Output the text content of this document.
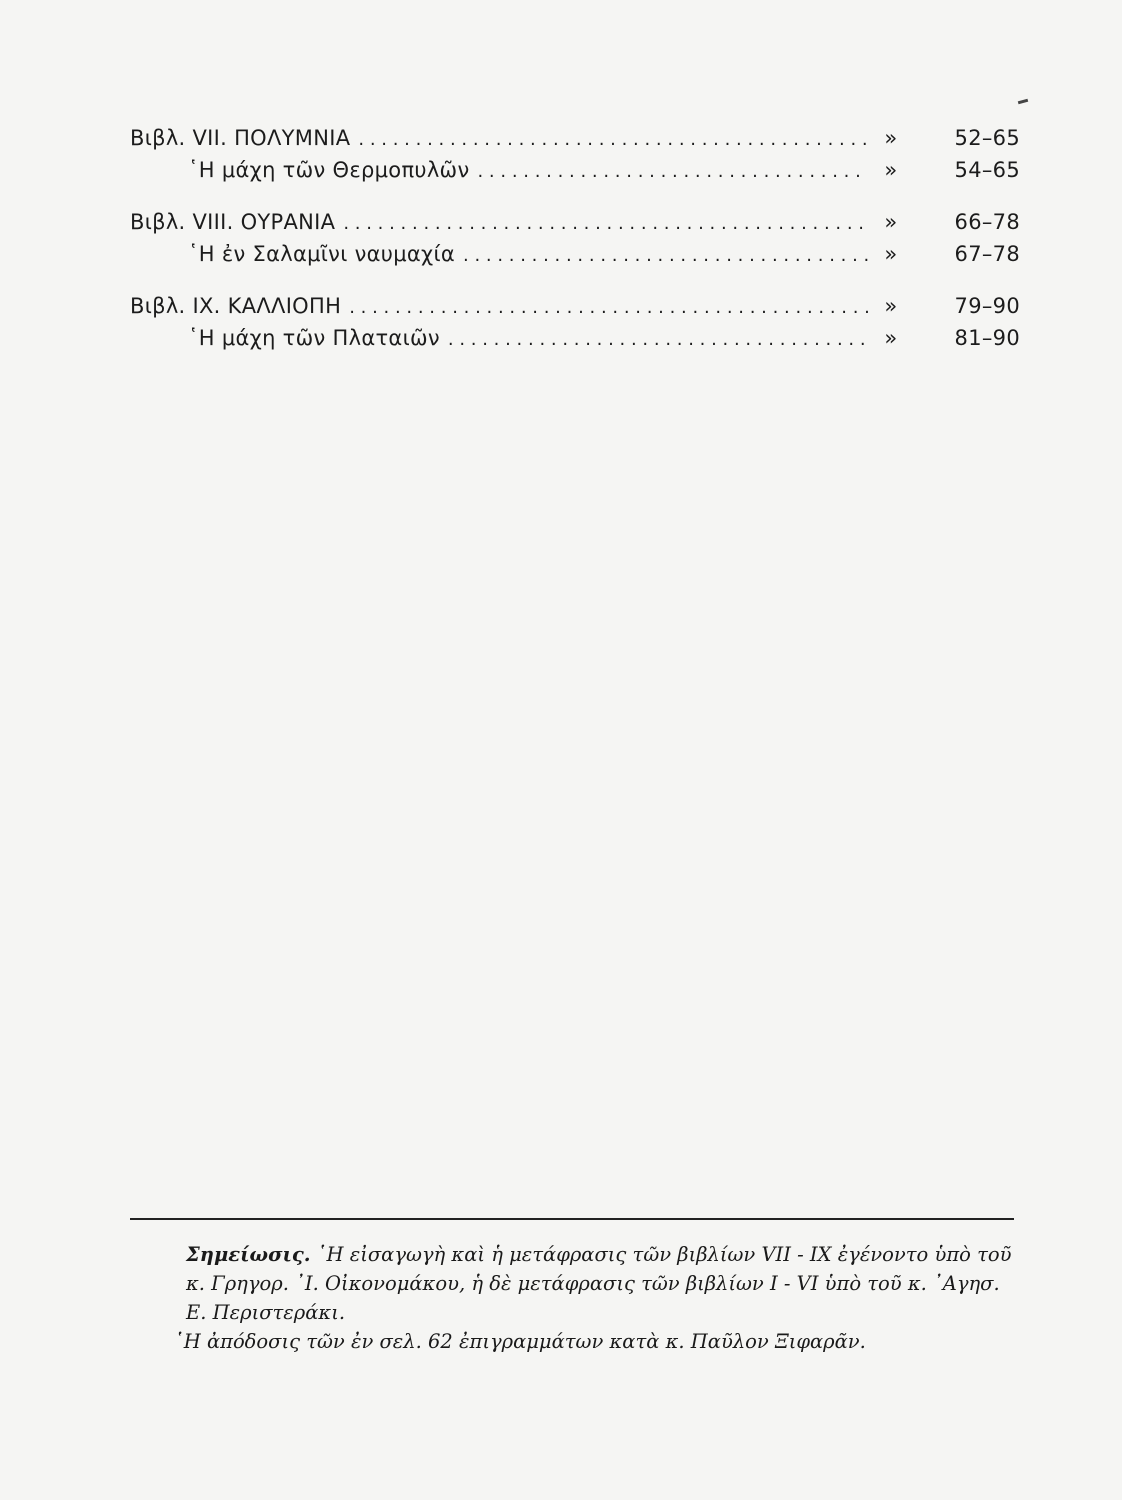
Βιβλ. VII. ΠΟΛΥΜΝΙΑ . . .	»	52–65
῾Η μάχη τῶν Θερμοπυλῶν . . .	»	54–65
Βιβλ. VIII. ΟΥΡΑΝΙΑ . . .	»	66–78
῾Η ἐν Σαλαμῖνι ναυμαχία . . .	»	67–78
Βιβλ. IX. ΚΑΛΛΙΟΠΗ . . .	»	79–90
῾Η μάχη τῶν Πλαταιῶν . . .	»	81–90

Σημείωσις. ῾Η εἰσαγωγὴ καὶ ἡ μετάφρασις τῶν βιβλίων VII - IX ἐγένοντο ὑπὸ τοῦ κ. Γρηγορ. ᾿Ι. Οἰκονομάκου, ἡ δὲ μετάφρασις τῶν βιβλίων I - VI ὑπὸ τοῦ κ. ᾿Αγησ. Ε. Περιστεράκι.

῾Η ἀπόδοσις τῶν ἐν σελ. 62 ἐπιγραμμάτων κατὰ κ. Παῦλον Ξιφαρᾶν.
